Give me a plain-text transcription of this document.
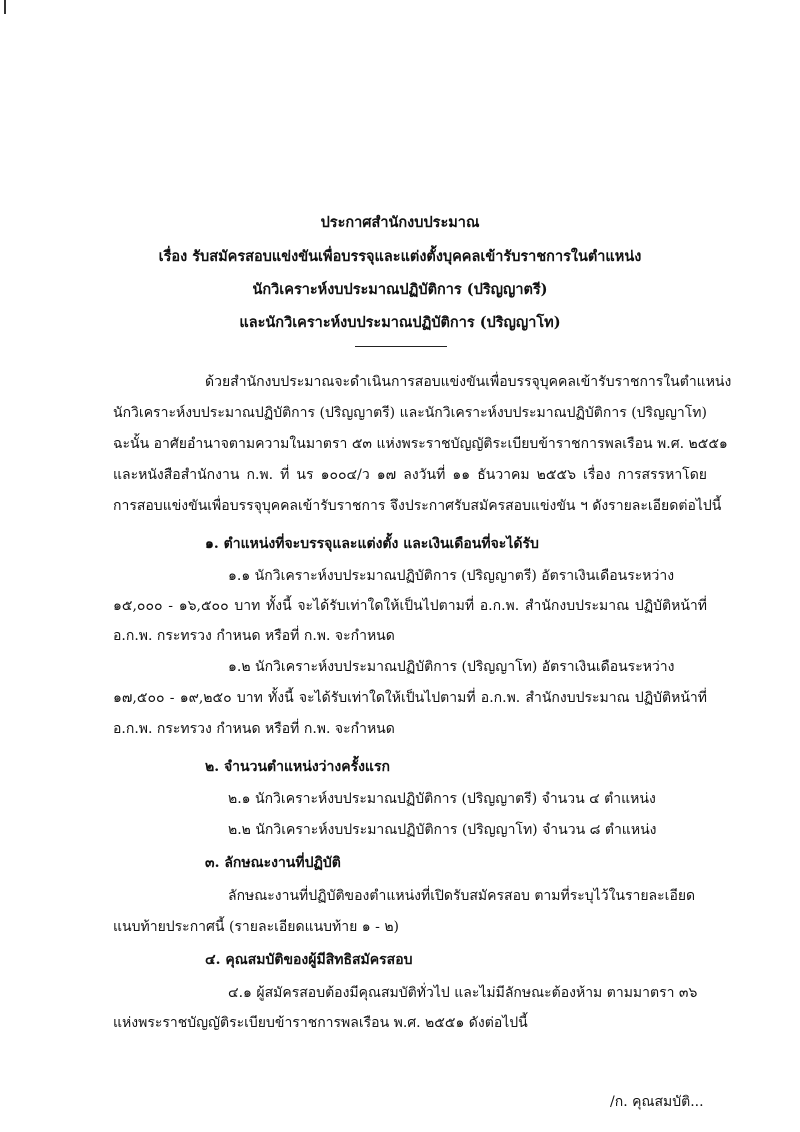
ประกาศสำนักงบประมาณ
เรื่อง รับสมัครสอบแข่งขันเพื่อบรรจุและแต่งตั้งบุคคลเข้ารับราชการในตำแหน่ง
นักวิเคราะห์งบประมาณปฏิบัติการ (ปริญญาตรี)
และนักวิเคราะห์งบประมาณปฏิบัติการ (ปริญญาโท)
ด้วยสำนักงบประมาณจะดำเนินการสอบแข่งขันเพื่อบรรจุบุคคลเข้ารับราชการในตำแหน่ง
นักวิเคราะห์งบประมาณปฏิบัติการ (ปริญญาตรี) และนักวิเคราะห์งบประมาณปฏิบัติการ (ปริญญาโท)
ฉะนั้น อาศัยอำนาจตามความในมาตรา ๕๓ แห่งพระราชบัญญัติระเบียบข้าราชการพลเรือน พ.ศ. ๒๕๕๑
และหนังสือสำนักงาน ก.พ. ที่ นร ๑๐๐๔/ว ๑๗ ลงวันที่ ๑๑ ธันวาคม ๒๕๕๖ เรื่อง การสรรหาโดย
การสอบแข่งขันเพื่อบรรจุบุคคลเข้ารับราชการ จึงประกาศรับสมัครสอบแข่งขัน ฯ ดังรายละเอียดต่อไปนี้
๑. ตำแหน่งที่จะบรรจุและแต่งตั้ง และเงินเดือนที่จะได้รับ
๑.๑ นักวิเคราะห์งบประมาณปฏิบัติการ (ปริญญาตรี) อัตราเงินเดือนระหว่าง
๑๕,๐๐๐ - ๑๖,๕๐๐ บาท ทั้งนี้ จะได้รับเท่าใดให้เป็นไปตามที่ อ.ก.พ. สำนักงบประมาณ ปฏิบัติหน้าที่
อ.ก.พ. กระทรวง กำหนด หรือที่ ก.พ. จะกำหนด
๑.๒ นักวิเคราะห์งบประมาณปฏิบัติการ (ปริญญาโท) อัตราเงินเดือนระหว่าง
๑๗,๕๐๐ - ๑๙,๒๕๐ บาท ทั้งนี้ จะได้รับเท่าใดให้เป็นไปตามที่ อ.ก.พ. สำนักงบประมาณ ปฏิบัติหน้าที่
อ.ก.พ. กระทรวง กำหนด หรือที่ ก.พ. จะกำหนด
๒. จำนวนตำแหน่งว่างครั้งแรก
๒.๑ นักวิเคราะห์งบประมาณปฏิบัติการ (ปริญญาตรี) จำนวน ๔ ตำแหน่ง
๒.๒ นักวิเคราะห์งบประมาณปฏิบัติการ (ปริญญาโท) จำนวน ๘ ตำแหน่ง
๓. ลักษณะงานที่ปฏิบัติ
ลักษณะงานที่ปฏิบัติของตำแหน่งที่เปิดรับสมัครสอบ ตามที่ระบุไว้ในรายละเอียด
แนบท้ายประกาศนี้ (รายละเอียดแนบท้าย ๑ - ๒)
๔. คุณสมบัติของผู้มีสิทธิสมัครสอบ
๔.๑ ผู้สมัครสอบต้องมีคุณสมบัติทั่วไป และไม่มีลักษณะต้องห้าม ตามมาตรา ๓๖
แห่งพระราชบัญญัติระเบียบข้าราชการพลเรือน พ.ศ. ๒๕๕๑ ดังต่อไปนี้
/ก. คุณสมบัติ...
